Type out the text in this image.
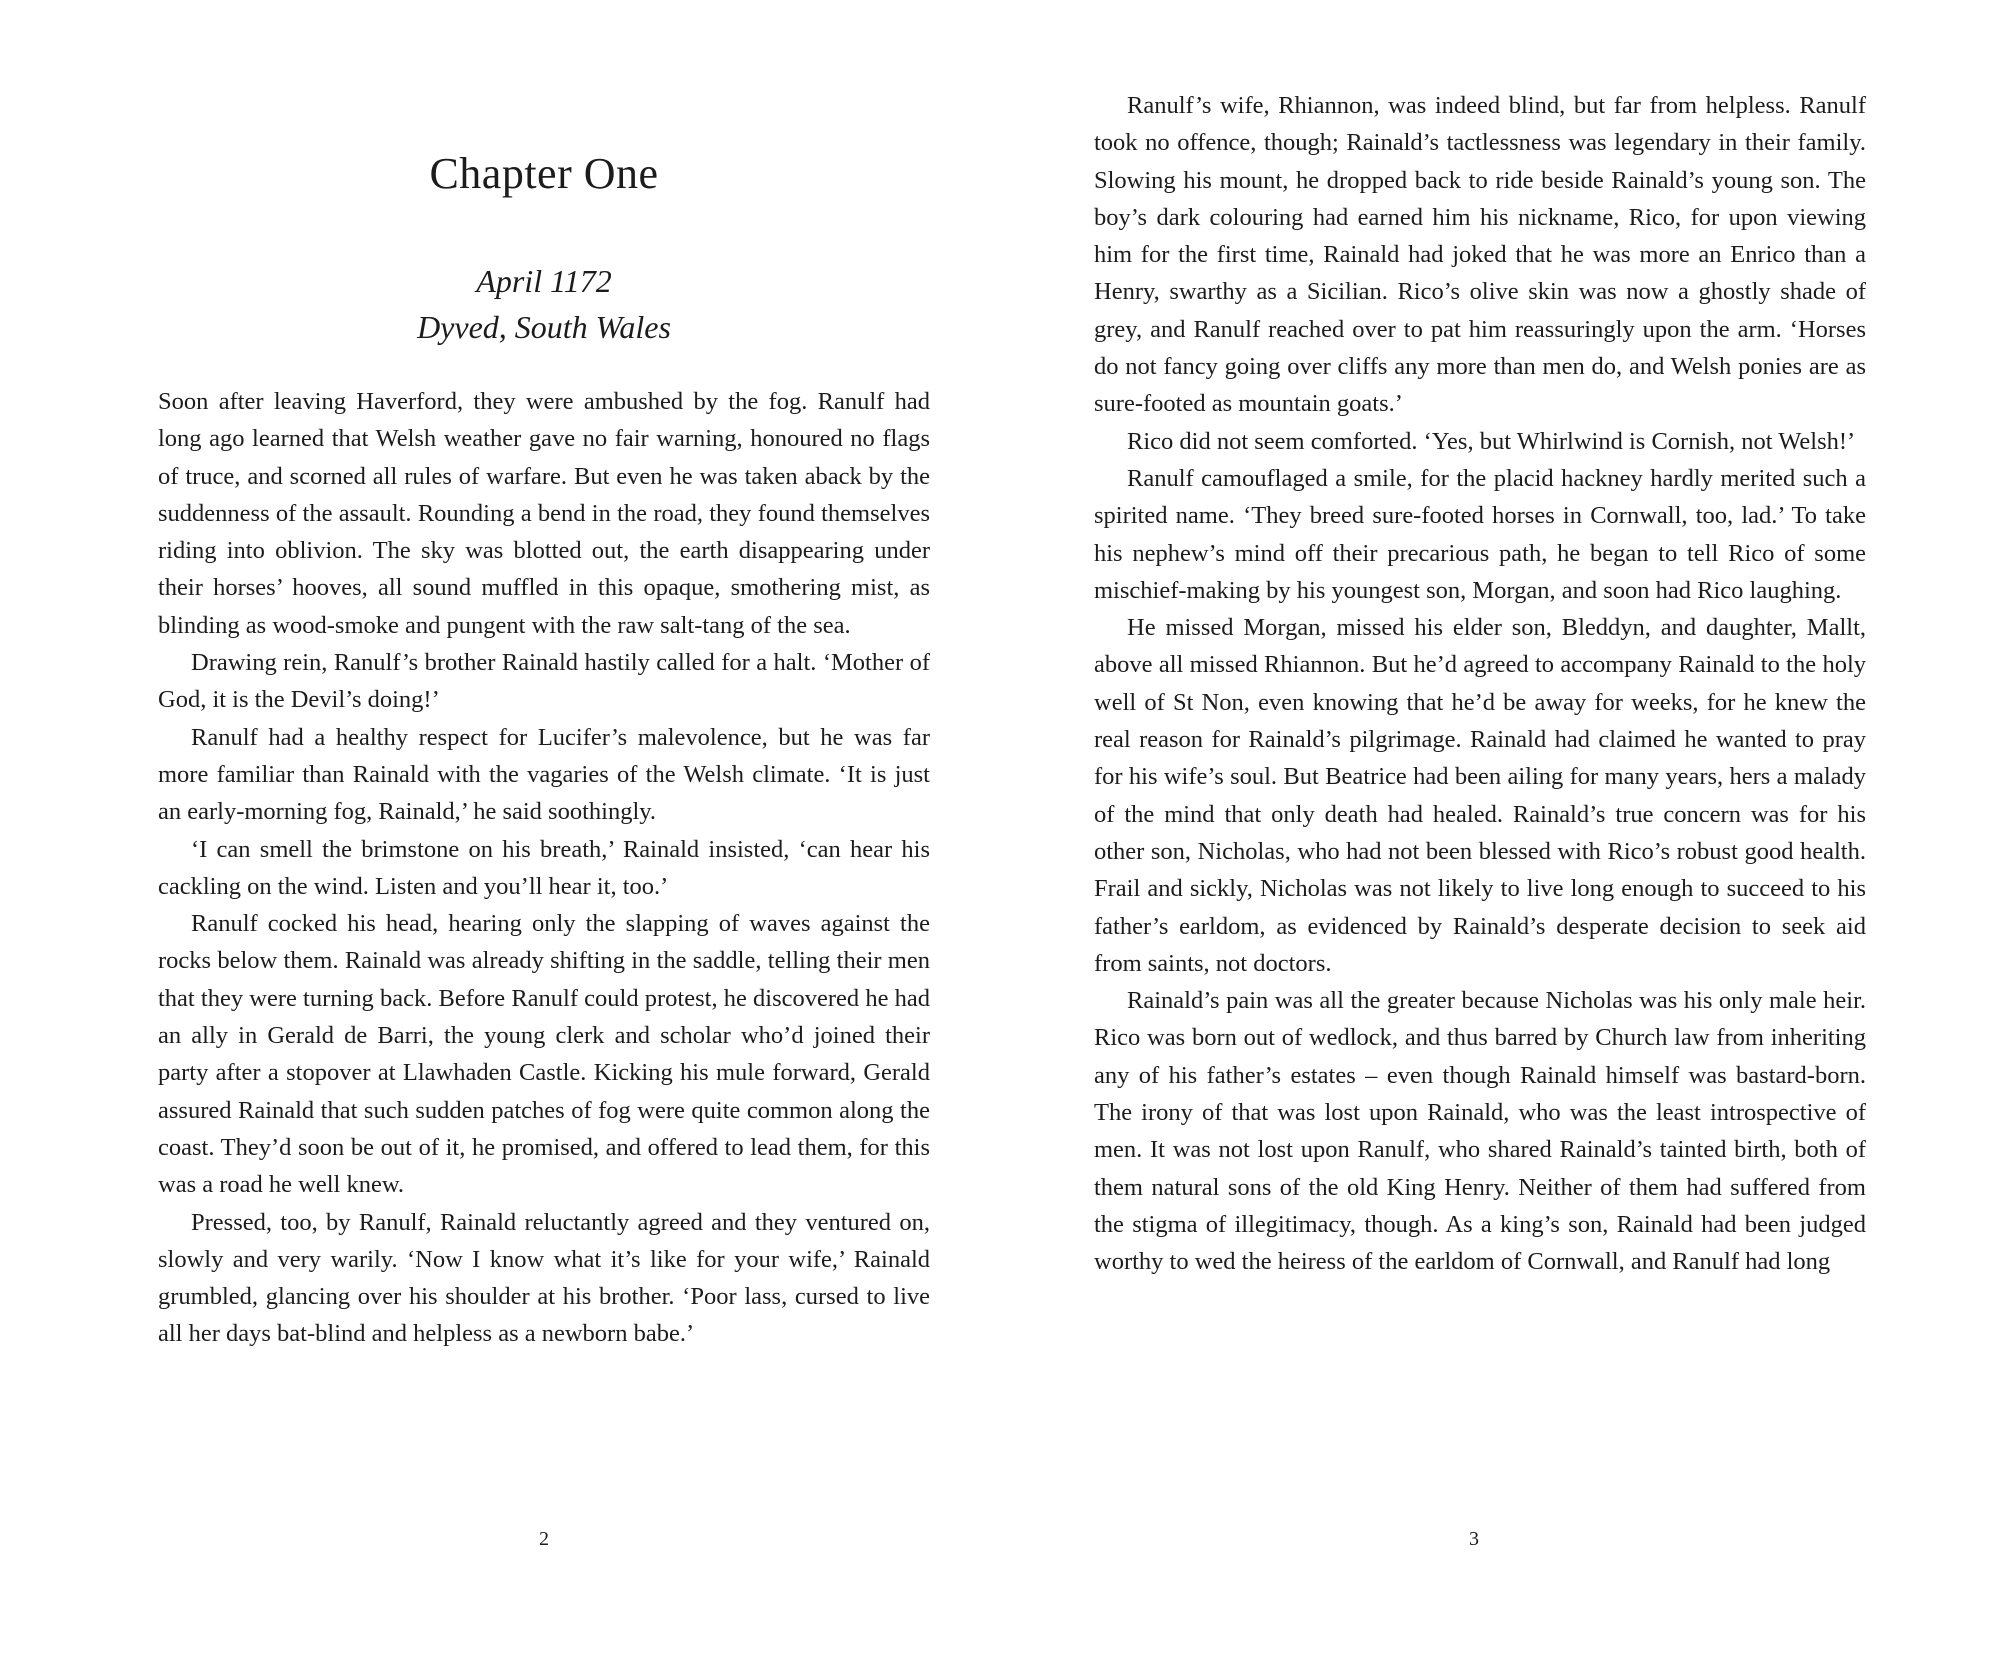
Chapter One
April 1172
Dyved, South Wales

Soon after leaving Haverford, they were ambushed by the fog. Ranulf had long ago learned that Welsh weather gave no fair warning, honoured no flags of truce, and scorned all rules of warfare. But even he was taken aback by the suddenness of the assault. Rounding a bend in the road, they found themselves riding into oblivion. The sky was blotted out, the earth disappearing under their horses’ hooves, all sound muffled in this opaque, smothering mist, as blinding as wood-smoke and pungent with the raw salt-tang of the sea.

Drawing rein, Ranulf’s brother Rainald hastily called for a halt. ‘Mother of God, it is the Devil’s doing!’

Ranulf had a healthy respect for Lucifer’s malevolence, but he was far more familiar than Rainald with the vagaries of the Welsh climate. ‘It is just an early-morning fog, Rainald,’ he said soothingly.

‘I can smell the brimstone on his breath,’ Rainald insisted, ‘can hear his cackling on the wind. Listen and you’ll hear it, too.’

Ranulf cocked his head, hearing only the slapping of waves against the rocks below them. Rainald was already shifting in the saddle, telling their men that they were turning back. Before Ranulf could protest, he discovered he had an ally in Gerald de Barri, the young clerk and scholar who’d joined their party after a stopover at Llawhaden Castle. Kicking his mule forward, Gerald assured Rainald that such sudden patches of fog were quite common along the coast. They’d soon be out of it, he promised, and offered to lead them, for this was a road he well knew.

Pressed, too, by Ranulf, Rainald reluctantly agreed and they ventured on, slowly and very warily. ‘Now I know what it’s like for your wife,’ Rainald grumbled, glancing over his shoulder at his brother. ‘Poor lass, cursed to live all her days bat-blind and helpless as a newborn babe.’

2

Ranulf’s wife, Rhiannon, was indeed blind, but far from helpless. Ranulf took no offence, though; Rainald’s tactlessness was legendary in their family. Slowing his mount, he dropped back to ride beside Rainald’s young son. The boy’s dark colouring had earned him his nickname, Rico, for upon viewing him for the first time, Rainald had joked that he was more an Enrico than a Henry, swarthy as a Sicilian. Rico’s olive skin was now a ghostly shade of grey, and Ranulf reached over to pat him reassuringly upon the arm. ‘Horses do not fancy going over cliffs any more than men do, and Welsh ponies are as sure-footed as mountain goats.’

Rico did not seem comforted. ‘Yes, but Whirlwind is Cornish, not Welsh!’

Ranulf camouflaged a smile, for the placid hackney hardly merited such a spirited name. ‘They breed sure-footed horses in Cornwall, too, lad.’ To take his nephew’s mind off their precarious path, he began to tell Rico of some mischief-making by his youngest son, Morgan, and soon had Rico laughing.

He missed Morgan, missed his elder son, Bleddyn, and daughter, Mallt, above all missed Rhiannon. But he’d agreed to accompany Rainald to the holy well of St Non, even knowing that he’d be away for weeks, for he knew the real reason for Rainald’s pilgrimage. Rainald had claimed he wanted to pray for his wife’s soul. But Beatrice had been ailing for many years, hers a malady of the mind that only death had healed. Rainald’s true concern was for his other son, Nicholas, who had not been blessed with Rico’s robust good health. Frail and sickly, Nicholas was not likely to live long enough to succeed to his father’s earldom, as evidenced by Rainald’s desperate decision to seek aid from saints, not doctors.

Rainald’s pain was all the greater because Nicholas was his only male heir. Rico was born out of wedlock, and thus barred by Church law from inheriting any of his father’s estates – even though Rainald himself was bastard-born. The irony of that was lost upon Rainald, who was the least introspective of men. It was not lost upon Ranulf, who shared Rainald’s tainted birth, both of them natural sons of the old King Henry. Neither of them had suffered from the stigma of illegitimacy, though. As a king’s son, Rainald had been judged worthy to wed the heiress of the earldom of Cornwall, and Ranulf had long

3
